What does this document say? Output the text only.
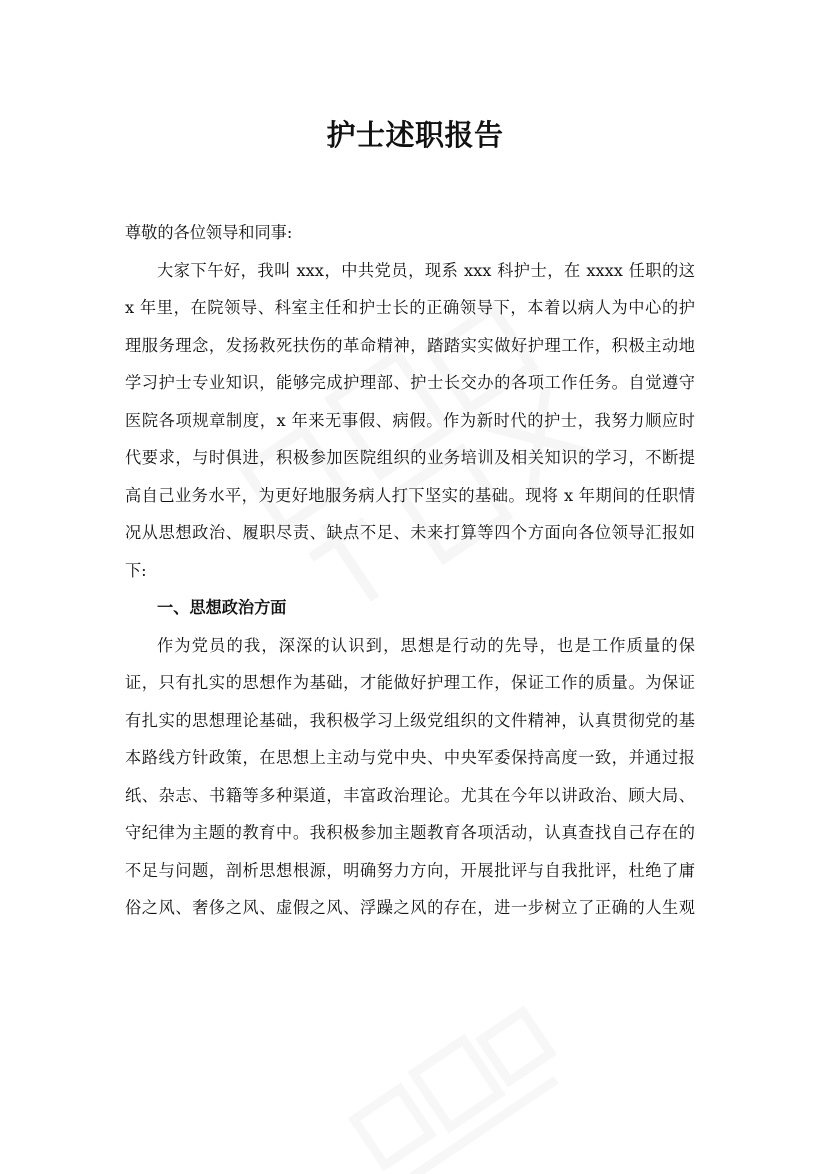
护士述职报告
尊敬的各位领导和同事:
大家下午好，我叫 xxx，中共党员，现系 xxx 科护士，在 xxxx 任职的这
x 年里，在院领导、科室主任和护士长的正确领导下，本着以病人为中心的护
理服务理念，发扬救死扶伤的革命精神，踏踏实实做好护理工作，积极主动地
学习护士专业知识，能够完成护理部、护士长交办的各项工作任务。自觉遵守
医院各项规章制度，x 年来无事假、病假。作为新时代的护士，我努力顺应时
代要求，与时俱进，积极参加医院组织的业务培训及相关知识的学习，不断提
高自己业务水平，为更好地服务病人打下坚实的基础。现将 x 年期间的任职情
况从思想政治、履职尽责、缺点不足、未来打算等四个方面向各位领导汇报如
下:
一、思想政治方面
作为党员的我，深深的认识到，思想是行动的先导，也是工作质量的保
证，只有扎实的思想作为基础，才能做好护理工作，保证工作的质量。为保证
有扎实的思想理论基础，我积极学习上级党组织的文件精神，认真贯彻党的基
本路线方针政策，在思想上主动与党中央、中央军委保持高度一致，并通过报
纸、杂志、书籍等多种渠道，丰富政治理论。尤其在今年以讲政治、顾大局、
守纪律为主题的教育中。我积极参加主题教育各项活动，认真查找自己存在的
不足与问题，剖析思想根源，明确努力方向，开展批评与自我批评，杜绝了庸
俗之风、奢侈之风、虚假之风、浮躁之风的存在，进一步树立了正确的人生观
